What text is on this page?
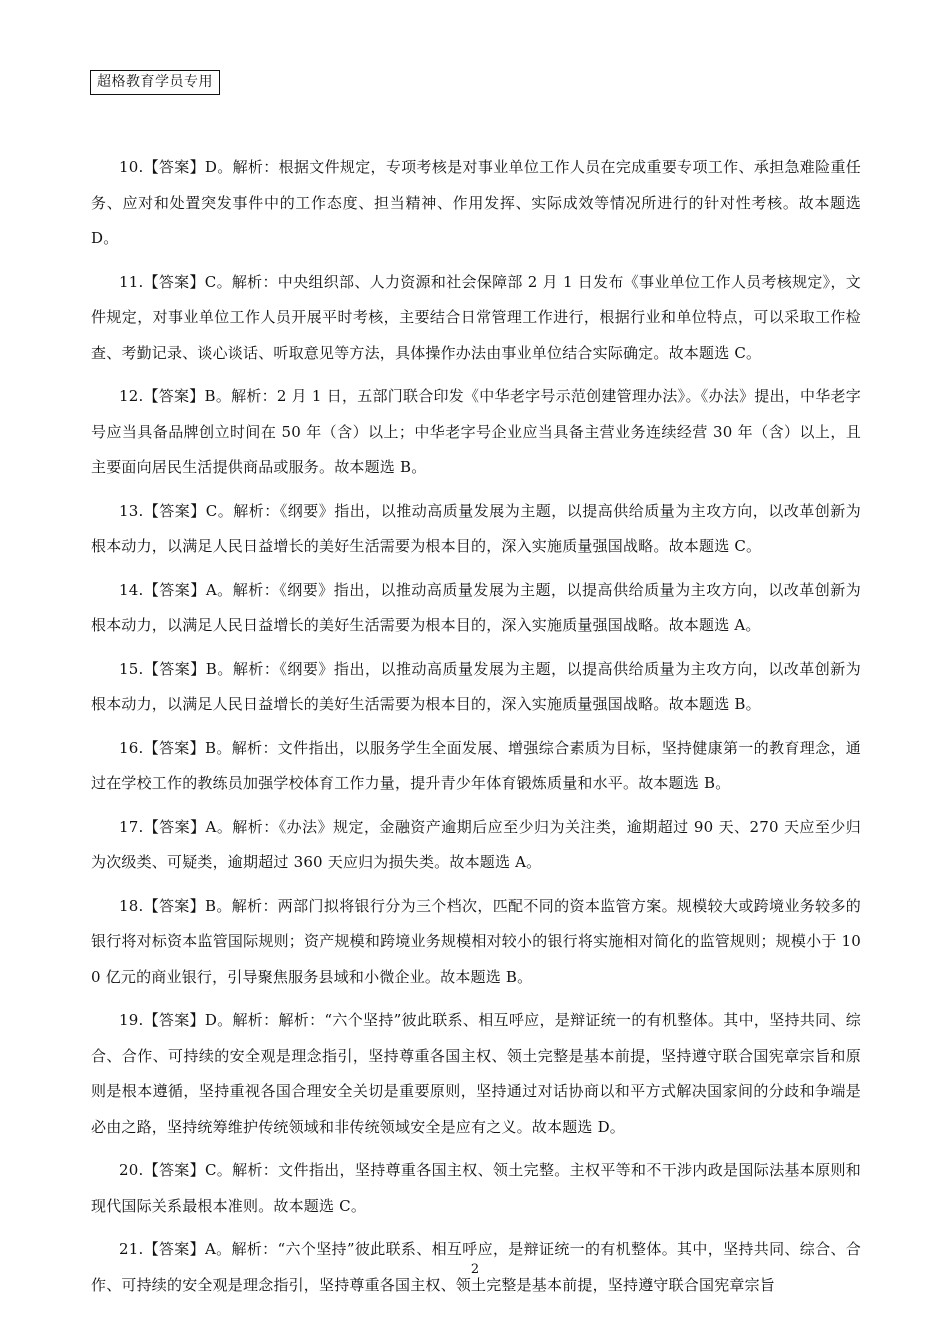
超格教育学员专用

10.【答案】D。解析：根据文件规定，专项考核是对事业单位工作人员在完成重要专项工作、承担急难险重任务、应对和处置突发事件中的工作态度、担当精神、作用发挥、实际成效等情况所进行的针对性考核。故本题选 D。

11.【答案】C。解析：中央组织部、人力资源和社会保障部 2 月 1 日发布《事业单位工作人员考核规定》，文件规定，对事业单位工作人员开展平时考核，主要结合日常管理工作进行，根据行业和单位特点，可以采取工作检查、考勤记录、谈心谈话、听取意见等方法，具体操作办法由事业单位结合实际确定。故本题选 C。

12.【答案】B。解析：2 月 1 日，五部门联合印发《中华老字号示范创建管理办法》。《办法》提出，中华老字号应当具备品牌创立时间在 50 年（含）以上；中华老字号企业应当具备主营业务连续经营 30 年（含）以上，且主要面向居民生活提供商品或服务。故本题选 B。

13.【答案】C。解析：《纲要》指出，以推动高质量发展为主题，以提高供给质量为主攻方向，以改革创新为根本动力，以满足人民日益增长的美好生活需要为根本目的，深入实施质量强国战略。故本题选 C。

14.【答案】A。解析：《纲要》指出，以推动高质量发展为主题，以提高供给质量为主攻方向，以改革创新为根本动力，以满足人民日益增长的美好生活需要为根本目的，深入实施质量强国战略。故本题选 A。

15.【答案】B。解析：《纲要》指出，以推动高质量发展为主题，以提高供给质量为主攻方向，以改革创新为根本动力，以满足人民日益增长的美好生活需要为根本目的，深入实施质量强国战略。故本题选 B。

16.【答案】B。解析：文件指出，以服务学生全面发展、增强综合素质为目标，坚持健康第一的教育理念，通过在学校工作的教练员加强学校体育工作力量，提升青少年体育锻炼质量和水平。故本题选 B。

17.【答案】A。解析：《办法》规定，金融资产逾期后应至少归为关注类，逾期超过 90 天、270 天应至少归为次级类、可疑类，逾期超过 360 天应归为损失类。故本题选 A。

18.【答案】B。解析：两部门拟将银行分为三个档次，匹配不同的资本监管方案。规模较大或跨境业务较多的银行将对标资本监管国际规则；资产规模和跨境业务规模相对较小的银行将实施相对简化的监管规则；规模小于 100 亿元的商业银行，引导聚焦服务县域和小微企业。故本题选 B。

19.【答案】D。解析：解析：“六个坚持”彼此联系、相互呼应，是辩证统一的有机整体。其中，坚持共同、综合、合作、可持续的安全观是理念指引，坚持尊重各国主权、领土完整是基本前提，坚持遵守联合国宪章宗旨和原则是根本遵循，坚持重视各国合理安全关切是重要原则，坚持通过对话协商以和平方式解决国家间的分歧和争端是必由之路，坚持统筹维护传统领域和非传统领域安全是应有之义。故本题选 D。

20.【答案】C。解析：文件指出，坚持尊重各国主权、领土完整。主权平等和不干涉内政是国际法基本原则和现代国际关系最根本准则。故本题选 C。

21.【答案】A。解析：“六个坚持”彼此联系、相互呼应，是辩证统一的有机整体。其中，坚持共同、综合、合作、可持续的安全观是理念指引，坚持尊重各国主权、领土完整是基本前提，坚持遵守联合国宪章宗旨

2
